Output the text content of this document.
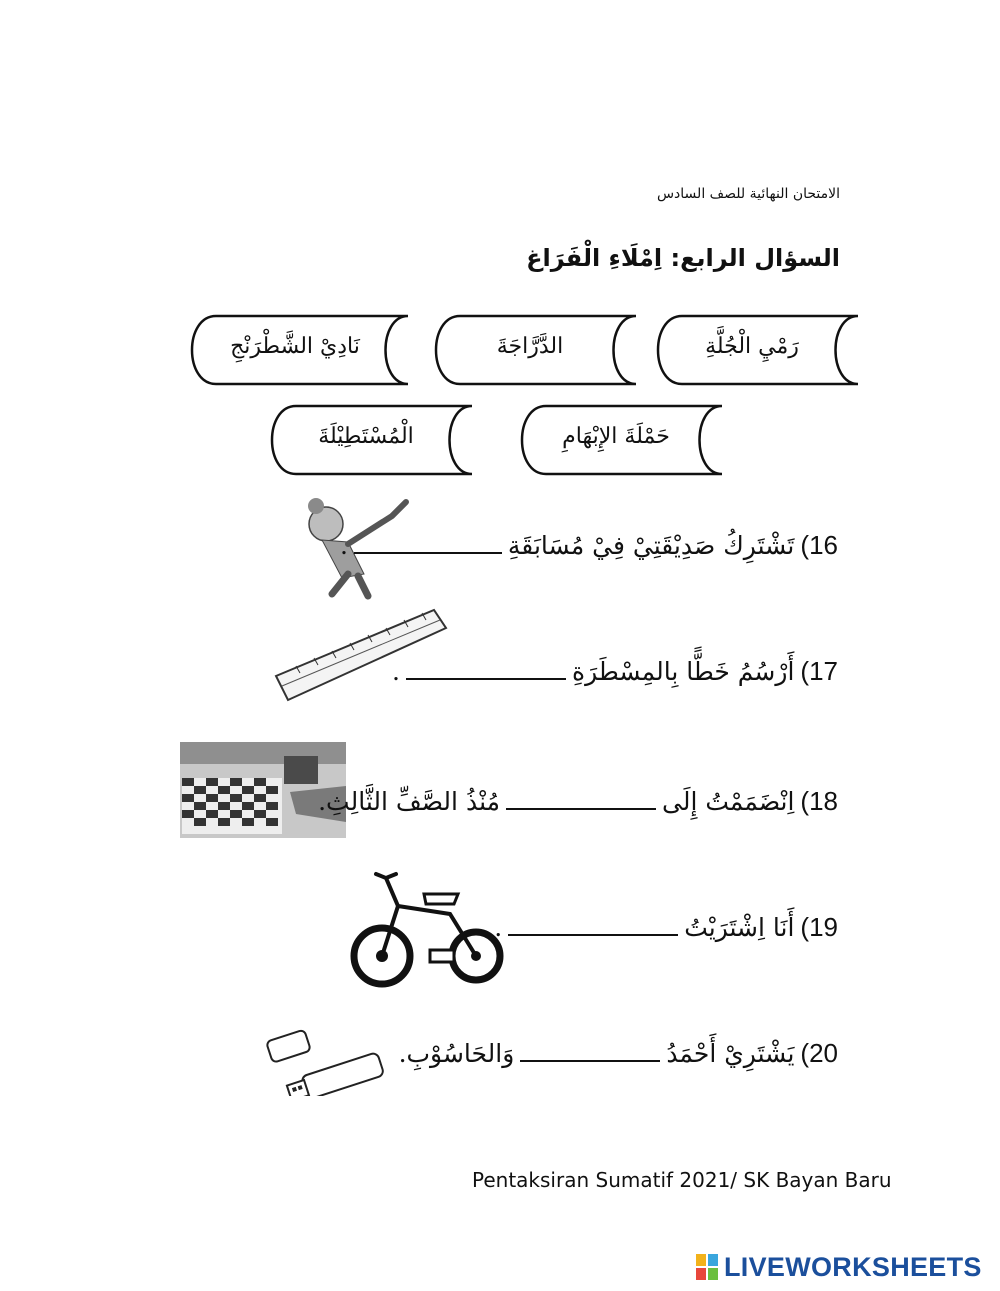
الامتحان النهائية للصف السادس
السؤال الرابع: اِمْلَاءِ الْفَرَاغ
رَمْيِ الْجُلَّةِ
الدَّرَّاجَةَ
نَادِيْ الشَّطْرَنْجِ
حَمْلَةَ الإِبْهَامِ
الْمُسْتَطِيْلَةَ
16)
تَشْتَرِكُ صَدِيْقَتِيْ فِيْ مُسَابَقَةِ
.
17)
أَرْسُمُ خَطًّا بِالمِسْطَرَةِ
.
18)
اِنْضَمَمْتُ إِلَى
مُنْذُ الصَّفِّ الثَّالِثِ.
19)
أَنَا اِشْتَرَيْتُ
.
20)
يَشْتَرِيْ أَحْمَدُ
وَالحَاسُوْبِ.
Pentaksiran Sumatif 2021/ SK Bayan Baru
LIVEWORKSHEETS
